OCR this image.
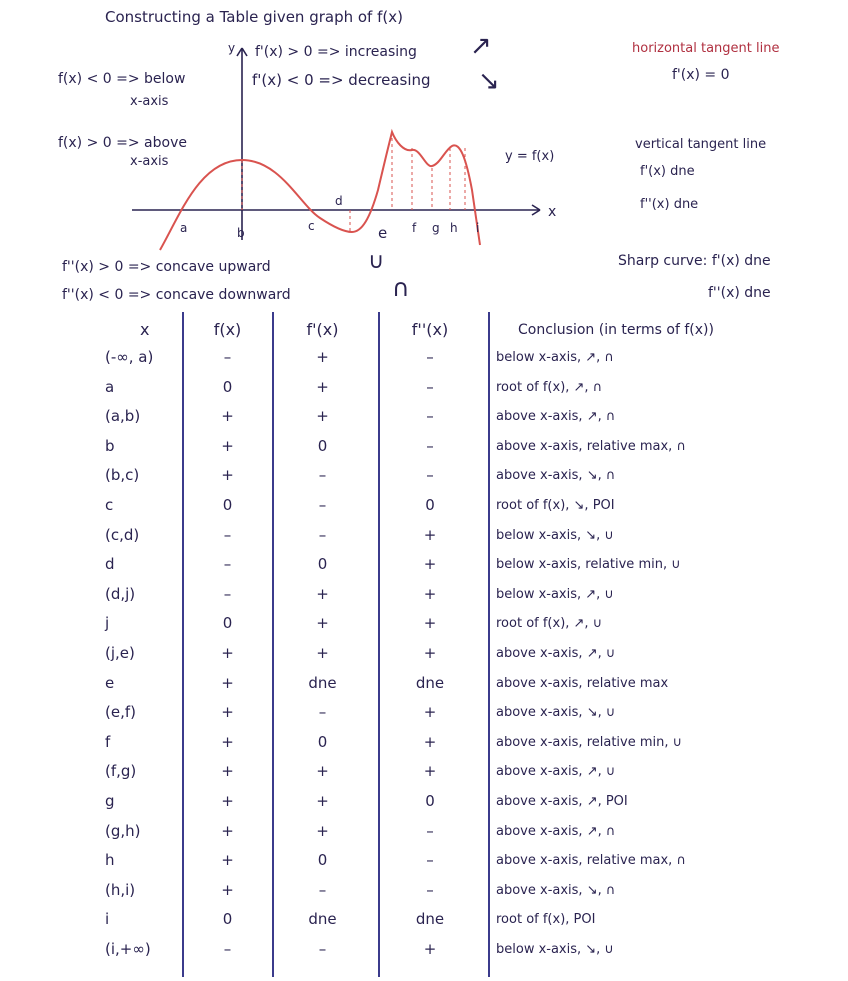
Constructing a Table given graph of f(x)
f(x) < 0 => below
x-axis
f(x) > 0 => above
x-axis
f'(x) > 0 => increasing
f'(x) < 0 => decreasing
↗
↘
horizontal tangent line
f'(x) = 0
vertical tangent line
f'(x) dne
f''(x) dne
y = f(x)
y
x
a	b	c
d
e f g h i
∪
f''(x) > 0 => concave upward
f''(x) < 0 => concave downward	∩
Sharp curve: f'(x) dne
f''(x) dne
x	f(x)	f'(x)	f''(x)	Conclusion (in terms of f(x))
(-∞, a)	–	+	–	below x-axis, ↗, ∩
a	0	+	–	root of f(x), ↗, ∩
(a,b)	+	+	–	above x-axis, ↗, ∩
b	+	0	–	above x-axis, relative max, ∩
(b,c)	+	–	–	above x-axis, ↘, ∩
c	0	–	0	root of f(x), ↘, POI
(c,d)	–	–	+	below x-axis, ↘, ∪
d	–	0	+	below x-axis, relative min, ∪
(d,j)	–	+	+	below x-axis, ↗, ∪
j	0	+	+	root of f(x), ↗, ∪
(j,e)	+	+	+	above x-axis, ↗, ∪
e	+	dne	dne	above x-axis, relative max
(e,f)	+	–	+	above x-axis, ↘, ∪
f	+	0	+	above x-axis, relative min, ∪
(f,g)	+	+	+	above x-axis, ↗, ∪
g	+	+	0	above x-axis, ↗, POI
(g,h)	+	+	–	above x-axis, ↗, ∩
h	+	0	–	above x-axis, relative max, ∩
(h,i)	+	–	–	above x-axis, ↘, ∩
i	0	dne	dne	root of f(x), POI
(i,+∞)	–	–	+	below x-axis, ↘, ∪
